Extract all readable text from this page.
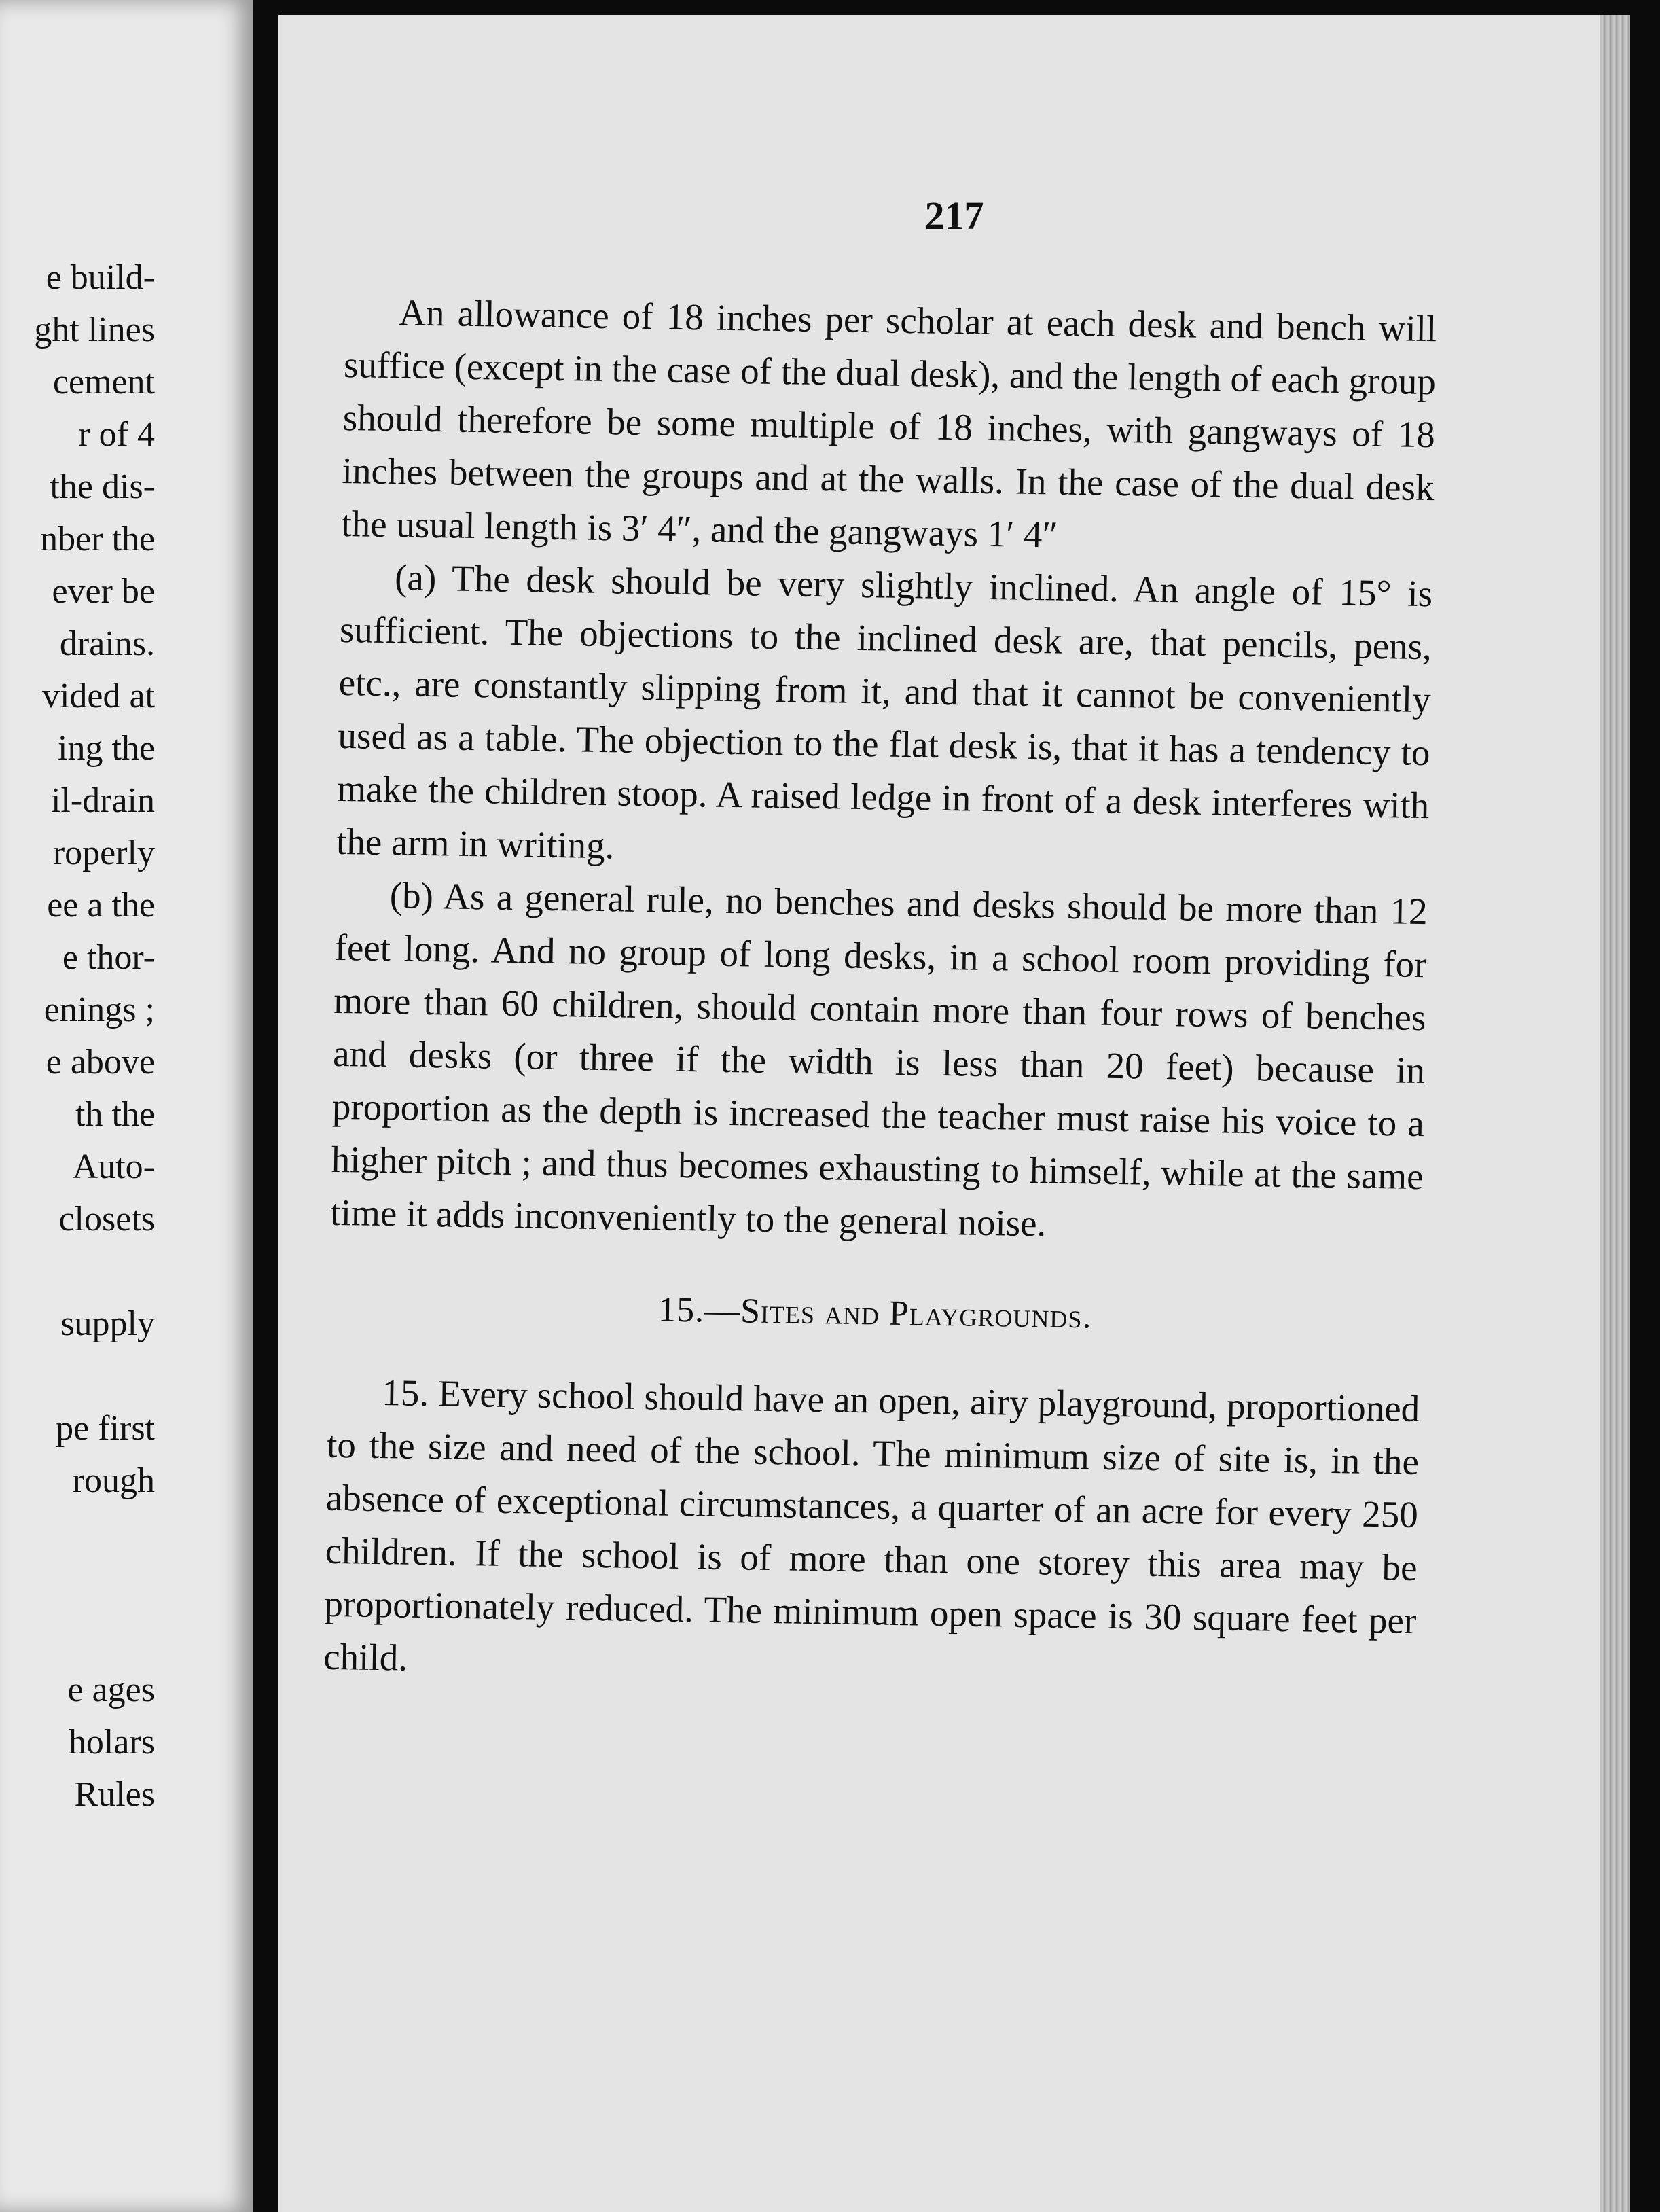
e build-
ght lines
cement
r of 4
the dis-
nber the
ever be
drains.
vided at
ing the
il-drain
roperly
ee a the
e thor-
enings ;
e above
th the
Auto-
closets
supply
pe first
rough
e ages
holars
Rules
217

An allowance of 18 inches per scholar at each desk and bench will suffice (except in the case of the dual desk), and the length of each group should therefore be some multiple of 18 inches, with gangways of 18 inches between the groups and at the walls. In the case of the dual desk the usual length is 3′ 4″, and the gangways 1′ 4″

(a) The desk should be very slightly inclined. An angle of 15° is sufficient. The objections to the inclined desk are, that pencils, pens, etc., are constantly slipping from it, and that it cannot be conveniently used as a table. The objection to the flat desk is, that it has a tendency to make the children stoop. A raised ledge in front of a desk interferes with the arm in writing.

(b) As a general rule, no benches and desks should be more than 12 feet long. And no group of long desks, in a school room providing for more than 60 children, should contain more than four rows of benches and desks (or three if the width is less than 20 feet) because in proportion as the depth is increased the teacher must raise his voice to a higher pitch ; and thus becomes exhausting to himself, while at the same time it adds inconveniently to the general noise.

15.—Sites and Playgrounds.

15. Every school should have an open, airy playground, proportioned to the size and need of the school. The minimum size of site is, in the absence of exceptional circumstances, a quarter of an acre for every 250 children. If the school is of more than one storey this area may be proportionately reduced. The minimum open space is 30 square feet per child.
